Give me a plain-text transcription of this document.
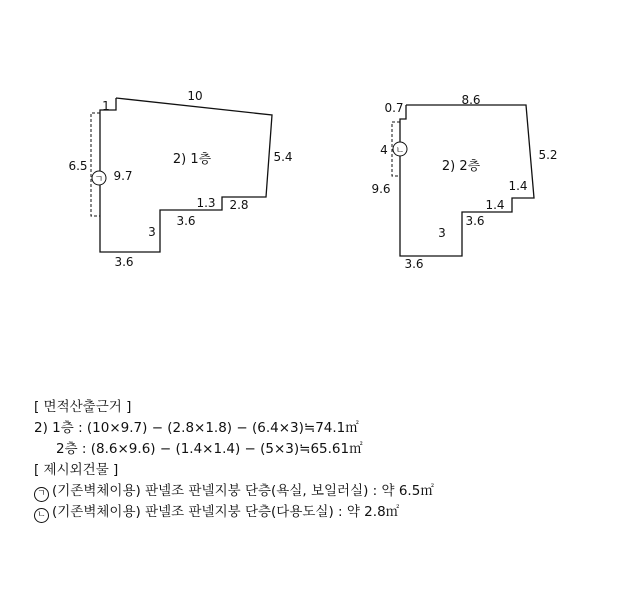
ㄱ
2) 1층
10
1
6.5
9.7
5.4
1.3 2.8
3.6
3
3.6
ㄴ
2) 2층
8.6
0.7
4
9.6
5.2
1.4
1.4
3.6
3
3.6
[ 면적산출근거 ]
2) 1층 : (10×9.7) − (2.8×1.8) − (6.4×3)≒74.1㎡
2층 : (8.6×9.6) − (1.4×1.4) − (5×3)≒65.61㎡
[ 제시외건물 ]
ㄱ (기존벽체이용) 판넬조 판넬지붕 단층(욕실, 보일러실) : 약 6.5㎡
ㄴ (기존벽체이용) 판넬조 판넬지붕 단층(다용도실) : 약 2.8㎡
